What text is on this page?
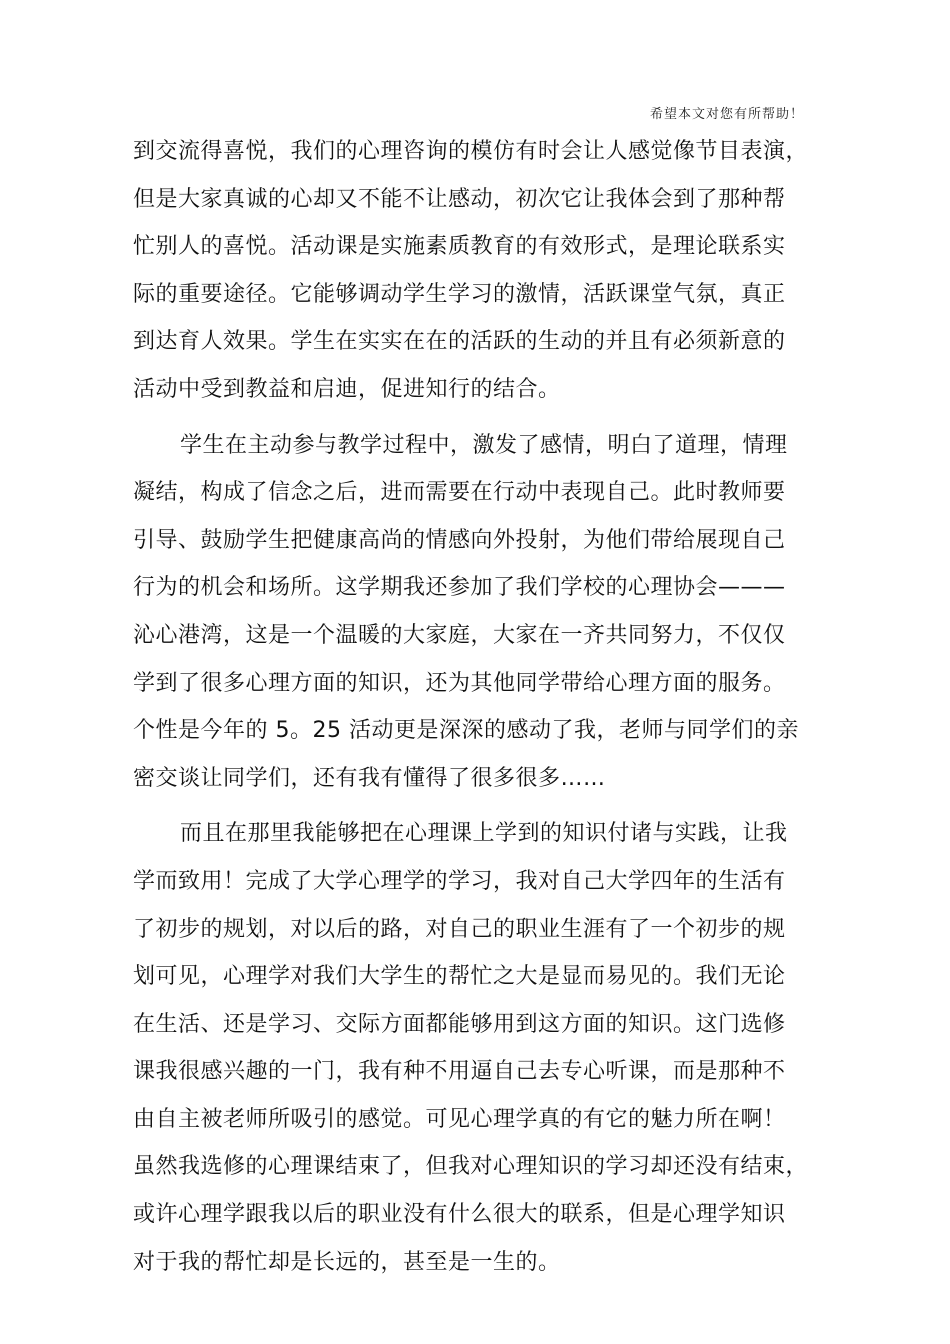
希望本文对您有所帮助！
到交流得喜悦，我们的心理咨询的模仿有时会让人感觉像节目表演，
但是大家真诚的心却又不能不让感动，初次它让我体会到了那种帮
忙别人的喜悦。活动课是实施素质教育的有效形式，是理论联系实
际的重要途径。它能够调动学生学习的激情，活跃课堂气氛，真正
到达育人效果。学生在实实在在的活跃的生动的并且有必须新意的
活动中受到教益和启迪，促进知行的结合。
学生在主动参与教学过程中，激发了感情，明白了道理，情理
凝结，构成了信念之后，进而需要在行动中表现自己。此时教师要
引导、鼓励学生把健康高尚的情感向外投射，为他们带给展现自己
行为的机会和场所。这学期我还参加了我们学校的心理协会———
沁心港湾，这是一个温暖的大家庭，大家在一齐共同努力，不仅仅
学到了很多心理方面的知识，还为其他同学带给心理方面的服务。
个性是今年的 5。25 活动更是深深的感动了我，老师与同学们的亲
密交谈让同学们，还有我有懂得了很多很多……
而且在那里我能够把在心理课上学到的知识付诸与实践，让我
学而致用！完成了大学心理学的学习，我对自己大学四年的生活有
了初步的规划，对以后的路，对自己的职业生涯有了一个初步的规
划可见，心理学对我们大学生的帮忙之大是显而易见的。我们无论
在生活、还是学习、交际方面都能够用到这方面的知识。这门选修
课我很感兴趣的一门，我有种不用逼自己去专心听课，而是那种不
由自主被老师所吸引的感觉。可见心理学真的有它的魅力所在啊！
虽然我选修的心理课结束了，但我对心理知识的学习却还没有结束，
或许心理学跟我以后的职业没有什么很大的联系，但是心理学知识
对于我的帮忙却是长远的，甚至是一生的。
